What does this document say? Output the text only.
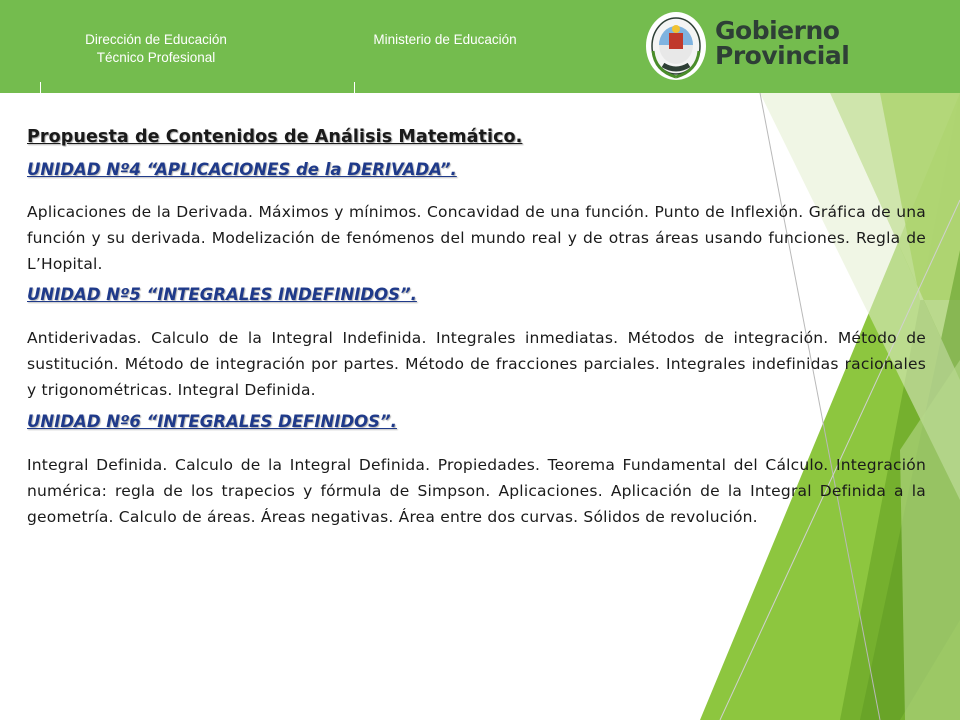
Dirección de Educación
Técnico Profesional
Ministerio de Educación	Gobierno
Provincial

Propuesta de Contenidos de Análisis Matemático.

UNIDAD Nº4 “APLICACIONES de la DERIVADA”.

Aplicaciones de la Derivada. Máximos y mínimos. Concavidad de una función. Punto de Inflexión. Gráfica de una función y su derivada. Modelización de fenómenos del mundo real y de otras áreas usando funciones. Regla de L’Hopital.

UNIDAD Nº5 “INTEGRALES INDEFINIDOS”.

Antiderivadas. Calculo de la Integral Indefinida. Integrales inmediatas. Métodos de integración. Método de sustitución. Método de integración por partes. Método de fracciones parciales. Integrales indefinidas racionales y trigonométricas. Integral Definida.

UNIDAD Nº6 “INTEGRALES DEFINIDOS”.

Integral Definida. Calculo de la Integral Definida. Propiedades. Teorema Fundamental del Cálculo. Integración numérica: regla de los trapecios y fórmula de Simpson. Aplicaciones. Aplicación de la Integral Definida a la geometría. Calculo de áreas. Áreas negativas. Área entre dos curvas. Sólidos de revolución.
